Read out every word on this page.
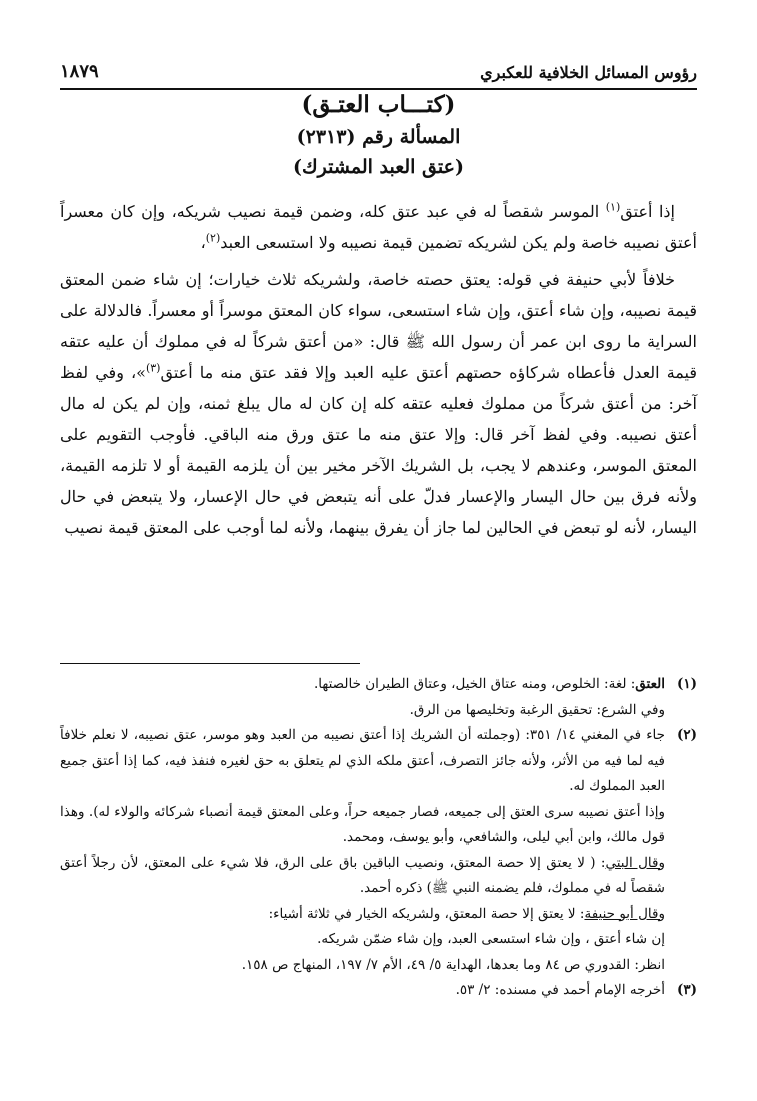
رؤوس المسائل الخلافية للعكبري
١٨٧٩

(كتـــاب العتـق)

المسألة رقم (٢٣١٣)

(عتق العبد المشترك)

إذا أعتق$^{(١)}$ الموسر شقصاً له في عبد عتق كله، وضمن قيمة نصيب شريكه، وإن كان معسراً أعتق نصيبه خاصة ولم يكن لشريكه تضمين قيمة نصيبه ولا استسعى العبد$^{(٢)}$،

خلافاً لأبي حنيفة في قوله: يعتق حصته خاصة، ولشريكه ثلاث خيارات؛ إن شاء ضمن المعتق قيمة نصيبه، وإن شاء أعتق، وإن شاء استسعى، سواء كان المعتق موسراً أو معسراً. فالدلالة على السراية ما روى ابن عمر أن رسول الله ﷺ قال: «من أعتق شركاً له في مملوك أن عليه عتقه قيمة العدل فأعطاه شركاؤه حصتهم أعتق عليه العبد وإلا فقد عتق منه ما أعتق$^{(٣)}$»، وفي لفظ آخر: من أعتق شركاً من مملوك فعليه عتقه كله إن كان له مال يبلغ ثمنه، وإن لم يكن له مال أعتق نصيبه. وفي لفظ آخر قال: وإلا عتق منه ما عتق ورق منه الباقي. فأوجب التقويم على المعتق الموسر، وعندهم لا يجب، بل الشريك الآخر مخير بين أن يلزمه القيمة أو لا تلزمه القيمة، ولأنه فرق بين حال اليسار والإعسار فدلّ على أنه يتبعض في حال الإعسار، ولا يتبعض في حال اليسار، لأنه لو تبعض في الحالين لما جاز أن يفرق بينهما، ولأنه لما أوجب على المعتق قيمة نصيب

(١)
العتق: لغة: الخلوص، ومنه عتاق الخيل، وعتاق الطيران خالصتها.
وفي الشرع: تحقيق الرغبة وتخليصها من الرق.
(٢)
جاء في المغني ١٤/ ٣٥١: (وجملته أن الشريك إذا أعتق نصيبه من العبد وهو موسر، عتق نصيبه، لا نعلم خلافاً فيه لما فيه من الأثر، ولأنه جائز التصرف، أعتق ملكه الذي لم يتعلق به حق لغيره فنفذ فيه، كما إذا أعتق جميع العبد المملوك له.
وإذا أعتق نصيبه سرى العتق إلى جميعه، فصار جميعه حراً، وعلى المعتق قيمة أنصباء شركائه والولاء له). وهذا قول مالك، وابن أبي ليلى، والشافعي، وأبو يوسف، ومحمد.
وقال البتي: ( لا يعتق إلا حصة المعتق، ونصيب الباقين باق على الرق، فلا شيء على المعتق، لأن رجلاً أعتق شقصاً له في مملوك، فلم يضمنه النبي ﷺ) ذكره أحمد.
وقال أبو حنيفة: لا يعتق إلا حصة المعتق، ولشريكه الخيار في ثلاثة أشياء:
إن شاء أعتق ، وإن شاء استسعى العبد، وإن شاء ضمّن شريكه.
انظر: القدوري ص ٨٤ وما بعدها، الهداية ٥/ ٤٩، الأم ٧/ ١٩٧، المنهاج ص ١٥٨.
(٣)
أخرجه الإمام أحمد في مسنده: ٢/ ٥٣.
